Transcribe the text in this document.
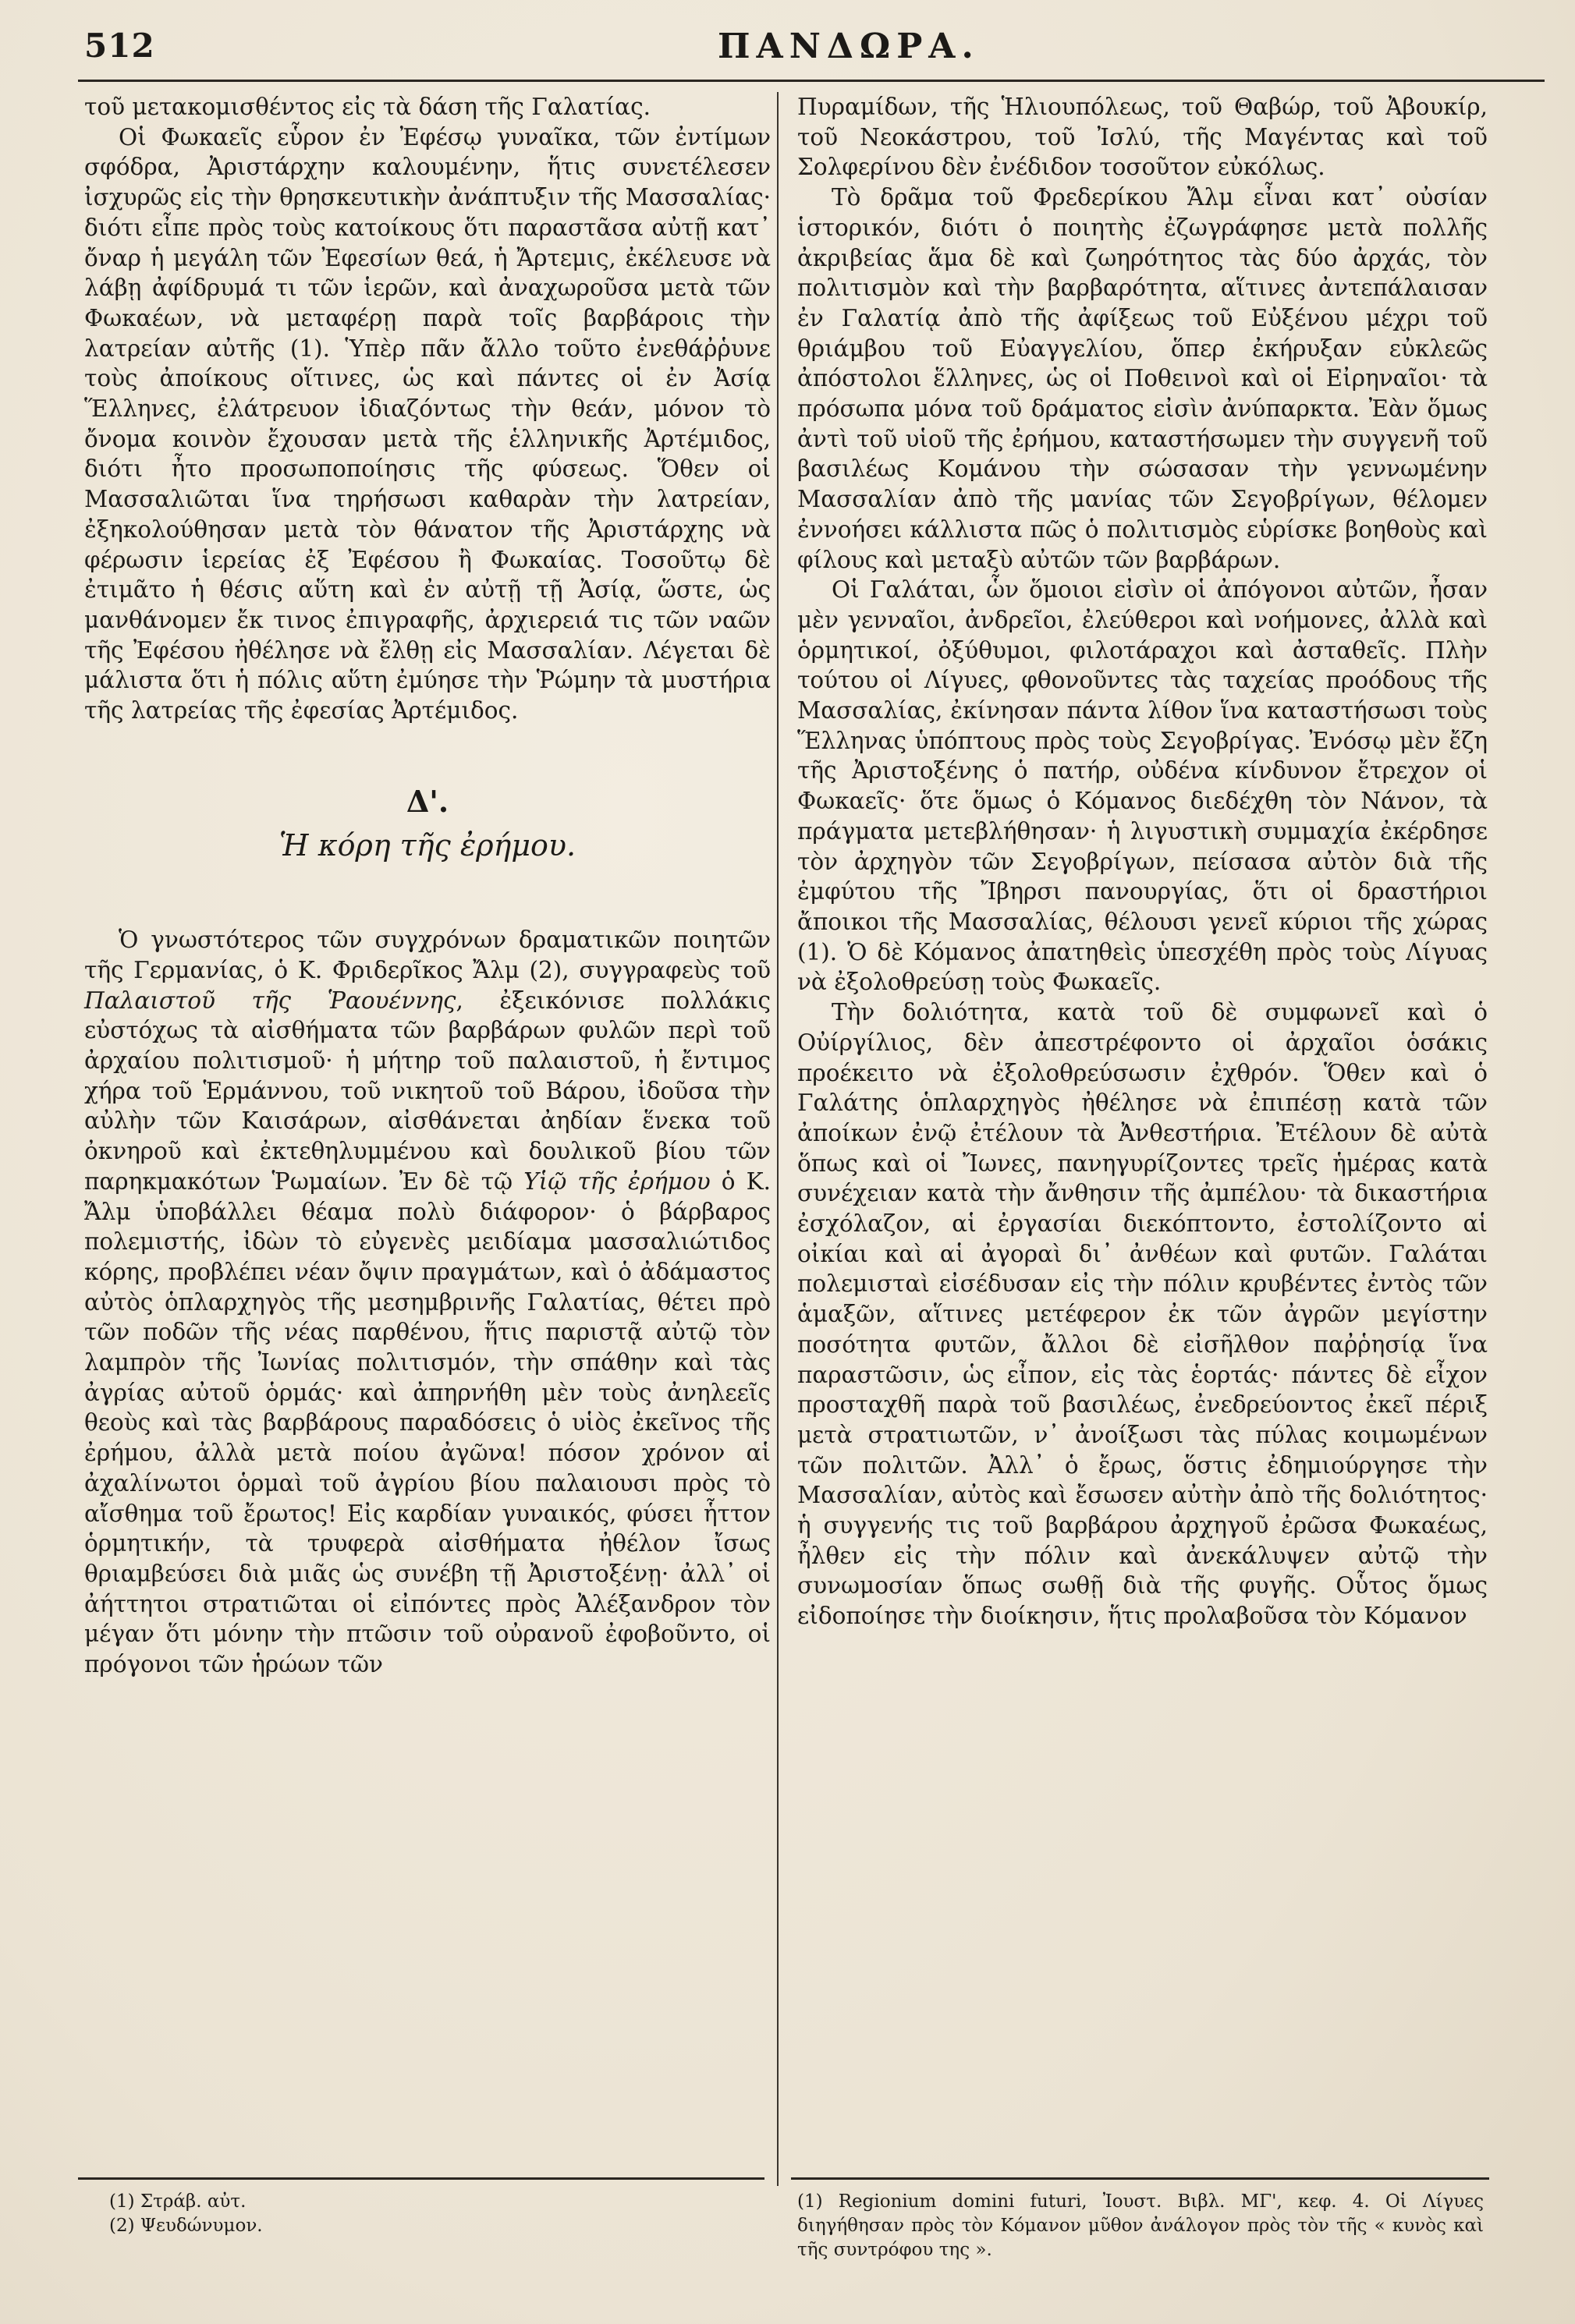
512	ΠΑΝΔΩΡΑ.

τοῦ μετακομισθέντος εἰς τὰ δάση τῆς Γαλατίας.

Οἱ Φωκαεῖς εὗρον ἐν Ἐφέσῳ γυναῖκα, τῶν ἐντίμων σφόδρα, Ἀριστάρχην καλουμένην, ἥτις συνετέλεσεν ἰσχυρῶς εἰς τὴν θρησκευτικὴν ἀνάπτυξιν τῆς Μασσαλίας· διότι εἶπε πρὸς τοὺς κατοίκους ὅτι παραστᾶσα αὐτῇ κατ᾽ ὄναρ ἡ μεγάλη τῶν Ἐφεσίων θεά, ἡ Ἄρτεμις, ἐκέλευσε νὰ λάβῃ ἀφίδρυμά τι τῶν ἱερῶν, καὶ ἀναχωροῦσα μετὰ τῶν Φωκαέων, νὰ μεταφέρῃ παρὰ τοῖς βαρβάροις τὴν λατρείαν αὐτῆς (1). Ὑπὲρ πᾶν ἄλλο τοῦτο ἐνεθάῤῥυνε τοὺς ἀποίκους οἵτινες, ὡς καὶ πάντες οἱ ἐν Ἀσίᾳ Ἕλληνες, ἐλάτρευον ἰδιαζόντως τὴν θεάν, μόνον τὸ ὄνομα κοινὸν ἔχουσαν μετὰ τῆς ἑλληνικῆς Ἀρτέμιδος, διότι ἦτο προσωποποίησις τῆς φύσεως. Ὅθεν οἱ Μασσαλιῶται ἵνα τηρήσωσι καθαρὰν τὴν λατρείαν, ἐξηκολούθησαν μετὰ τὸν θάνατον τῆς Ἀριστάρχης νὰ φέρωσιν ἱερείας ἐξ Ἐφέσου ἢ Φωκαίας. Τοσοῦτῳ δὲ ἐτιμᾶτο ἡ θέσις αὕτη καὶ ἐν αὐτῇ τῇ Ἀσίᾳ, ὥστε, ὡς μανθάνομεν ἔκ τινος ἐπιγραφῆς, ἀρχιερειά τις τῶν ναῶν τῆς Ἐφέσου ἠθέλησε νὰ ἔλθῃ εἰς Μασσαλίαν. Λέγεται δὲ μάλιστα ὅτι ἡ πόλις αὕτη ἐμύησε τὴν Ῥώμην τὰ μυστήρια τῆς λατρείας τῆς ἐφεσίας Ἀρτέμιδος.

Δ'.
Ἡ κόρη τῆς ἐρήμου.

Ὁ γνωστότερος τῶν συγχρόνων δραματικῶν ποιητῶν τῆς Γερμανίας, ὁ Κ. Φριδερῖκος Ἄλμ (2), συγγραφεὺς τοῦ Παλαιστοῦ τῆς Ῥαουέννης, ἐξεικόνισε πολλάκις εὐστόχως τὰ αἰσθήματα τῶν βαρβάρων φυλῶν περὶ τοῦ ἀρχαίου πολιτισμοῦ· ἡ μήτηρ τοῦ παλαιστοῦ, ἡ ἔντιμος χήρα τοῦ Ἑρμάννου, τοῦ νικητοῦ τοῦ Βάρου, ἰδοῦσα τὴν αὐλὴν τῶν Καισάρων, αἰσθάνεται ἀηδίαν ἕνεκα τοῦ ὀκνηροῦ καὶ ἐκτεθηλυμμένου καὶ δουλικοῦ βίου τῶν παρηκμακότων Ῥωμαίων. Ἐν δὲ τῷ Υἱῷ τῆς ἐρήμου ὁ Κ. Ἄλμ ὑποβάλλει θέαμα πολὺ διάφορον· ὁ βάρβαρος πολεμιστής, ἰδὼν τὸ εὐγενὲς μειδίαμα μασσαλιώτιδος κόρης, προβλέπει νέαν ὄψιν πραγμάτων, καὶ ὁ ἀδάμαστος αὐτὸς ὁπλαρχηγὸς τῆς μεσημβρινῆς Γαλατίας, θέτει πρὸ τῶν ποδῶν τῆς νέας παρθένου, ἥτις παριστᾷ αὐτῷ τὸν λαμπρὸν τῆς Ἰωνίας πολιτισμόν, τὴν σπάθην καὶ τὰς ἀγρίας αὐτοῦ ὁρμάς· καὶ ἀπηρνήθη μὲν τοὺς ἀνηλεεῖς θεοὺς καὶ τὰς βαρβάρους παραδόσεις ὁ υἱὸς ἐκεῖνος τῆς ἐρήμου, ἀλλὰ μετὰ ποίου ἀγῶνα! πόσον χρόνον αἱ ἀχαλίνωτοι ὁρμαὶ τοῦ ἀγρίου βίου παλαιουσι πρὸς τὸ αἴσθημα τοῦ ἔρωτος! Εἰς καρδίαν γυναικός, φύσει ἧττον ὁρμητικήν, τὰ τρυφερὰ αἰσθήματα ἠθέλον ἴσως θριαμβεύσει διὰ μιᾶς ὡς συνέβη τῇ Ἀριστοξένῃ· ἀλλ᾽ οἱ ἀήττητοι στρατιῶται οἱ εἰπόντες πρὸς Ἀλέξανδρον τὸν μέγαν ὅτι μόνην τὴν πτῶσιν τοῦ οὐρανοῦ ἐφοβοῦντο, οἱ πρόγονοι τῶν ἡρώων τῶν

Πυραμίδων, τῆς Ἡλιουπόλεως, τοῦ Θαβώρ, τοῦ Ἀβουκίρ, τοῦ Νεοκάστρου, τοῦ Ἰσλύ, τῆς Μαγέντας καὶ τοῦ Σολφερίνου δὲν ἐνέδιδον τοσοῦτον εὐκόλως.

Τὸ δρᾶμα τοῦ Φρεδερίκου Ἄλμ εἶναι κατ᾽ οὐσίαν ἱστορικόν, διότι ὁ ποιητὴς ἐζωγράφησε μετὰ πολλῆς ἀκριβείας ἅμα δὲ καὶ ζωηρότητος τὰς δύο ἀρχάς, τὸν πολιτισμὸν καὶ τὴν βαρβαρότητα, αἵτινες ἀντεπάλαισαν ἐν Γαλατίᾳ ἀπὸ τῆς ἀφίξεως τοῦ Εὐξένου μέχρι τοῦ θριάμβου τοῦ Εὐαγγελίου, ὅπερ ἐκήρυξαν εὐκλεῶς ἀπόστολοι ἕλληνες, ὡς οἱ Ποθεινοὶ καὶ οἱ Εἰρηναῖοι· τὰ πρόσωπα μόνα τοῦ δράματος εἰσὶν ἀνύπαρκτα. Ἐὰν ὅμως ἀντὶ τοῦ υἱοῦ τῆς ἐρήμου, καταστήσωμεν τὴν συγγενῆ τοῦ βασιλέως Κομάνου τὴν σώσασαν τὴν γεννωμένην Μασσαλίαν ἀπὸ τῆς μανίας τῶν Σεγοβρίγων, θέλομεν ἐννοήσει κάλλιστα πῶς ὁ πολιτισμὸς εὑρίσκε βοηθοὺς καὶ φίλους καὶ μεταξὺ αὐτῶν τῶν βαρβάρων.

Οἱ Γαλάται, ὧν ὅμοιοι εἰσὶν οἱ ἀπόγονοι αὐτῶν, ἦσαν μὲν γενναῖοι, ἀνδρεῖοι, ἐλεύθεροι καὶ νοήμονες, ἀλλὰ καὶ ὁρμητικοί, ὀξύθυμοι, φιλοτάραχοι καὶ ἀσταθεῖς. Πλὴν τούτου οἱ Λίγυες, φθονοῦντες τὰς ταχείας προόδους τῆς Μασσαλίας, ἐκίνησαν πάντα λίθον ἵνα καταστήσωσι τοὺς Ἕλληνας ὑπόπτους πρὸς τοὺς Σεγοβρίγας. Ἐνόσῳ μὲν ἔζη τῆς Ἀριστοξένης ὁ πατήρ, οὐδένα κίνδυνον ἔτρεχον οἱ Φωκαεῖς· ὅτε ὅμως ὁ Κόμανος διεδέχθη τὸν Νάνον, τὰ πράγματα μετεβλήθησαν· ἡ λιγυστικὴ συμμαχία ἐκέρδησε τὸν ἀρχηγὸν τῶν Σεγοβρίγων, πείσασα αὐτὸν διὰ τῆς ἐμφύτου τῆς Ἴβηρσι πανουργίας, ὅτι οἱ δραστήριοι ἄποικοι τῆς Μασσαλίας, θέλουσι γενεῖ κύριοι τῆς χώρας (1). Ὁ δὲ Κόμανος ἀπατηθεὶς ὑπεσχέθη πρὸς τοὺς Λίγυας νὰ ἐξολοθρεύσῃ τοὺς Φωκαεῖς.

Τὴν δολιότητα, κατὰ τοῦ δὲ συμφωνεῖ καὶ ὁ Οὐίργίλιος, δὲν ἀπεστρέφοντο οἱ ἀρχαῖοι ὁσάκις προέκειτο νὰ ἐξολοθρεύσωσιν ἐχθρόν. Ὅθεν καὶ ὁ Γαλάτης ὁπλαρχηγὸς ἠθέλησε νὰ ἐπιπέσῃ κατὰ τῶν ἀποίκων ἐνῷ ἐτέλουν τὰ Ἀνθεστήρια. Ἐτέλουν δὲ αὐτὰ ὅπως καὶ οἱ Ἴωνες, πανηγυρίζοντες τρεῖς ἡμέρας κατὰ συνέχειαν κατὰ τὴν ἄνθησιν τῆς ἀμπέλου· τὰ δικαστήρια ἐσχόλαζον, αἱ ἐργασίαι διεκόπτοντο, ἐστολίζοντο αἱ οἰκίαι καὶ αἱ ἀγοραὶ δι᾽ ἀνθέων καὶ φυτῶν. Γαλάται πολεμισταὶ εἰσέδυσαν εἰς τὴν πόλιν κρυβέντες ἐντὸς τῶν ἁμαξῶν, αἵτινες μετέφερον ἐκ τῶν ἀγρῶν μεγίστην ποσότητα φυτῶν, ἄλλοι δὲ εἰσῆλθον παῤῥησίᾳ ἵνα παραστῶσιν, ὡς εἶπον, εἰς τὰς ἑορτάς· πάντες δὲ εἶχον προσταχθῆ παρὰ τοῦ βασιλέως, ἐνεδρεύοντος ἐκεῖ πέριξ μετὰ στρατιωτῶν, ν᾽ ἀνοίξωσι τὰς πύλας κοιμωμένων τῶν πολιτῶν. Ἀλλ᾽ ὁ ἔρως, ὅστις ἐδημιούργησε τὴν Μασσαλίαν, αὐτὸς καὶ ἔσωσεν αὐτὴν ἀπὸ τῆς δολιότητος· ἡ συγγενής τις τοῦ βαρβάρου ἀρχηγοῦ ἐρῶσα Φωκαέως, ἦλθεν εἰς τὴν πόλιν καὶ ἀνεκάλυψεν αὐτῷ τὴν συνωμοσίαν ὅπως σωθῇ διὰ τῆς φυγῆς. Οὗτος ὅμως εἰδοποίησε τὴν διοίκησιν, ἥτις προλαβοῦσα τὸν Κόμανον

(1) Στράβ. αὐτ.
(2) Ψευδώνυμον.
(1) Regionium domini futuri, Ἰουστ. Βιβλ. ΜΓ', κεφ. 4. Οἱ Λίγυες διηγήθησαν πρὸς τὸν Κόμανον μῦθον ἀνάλογον πρὸς τὸν τῆς « κυνὸς καὶ τῆς συντρόφου της ».
